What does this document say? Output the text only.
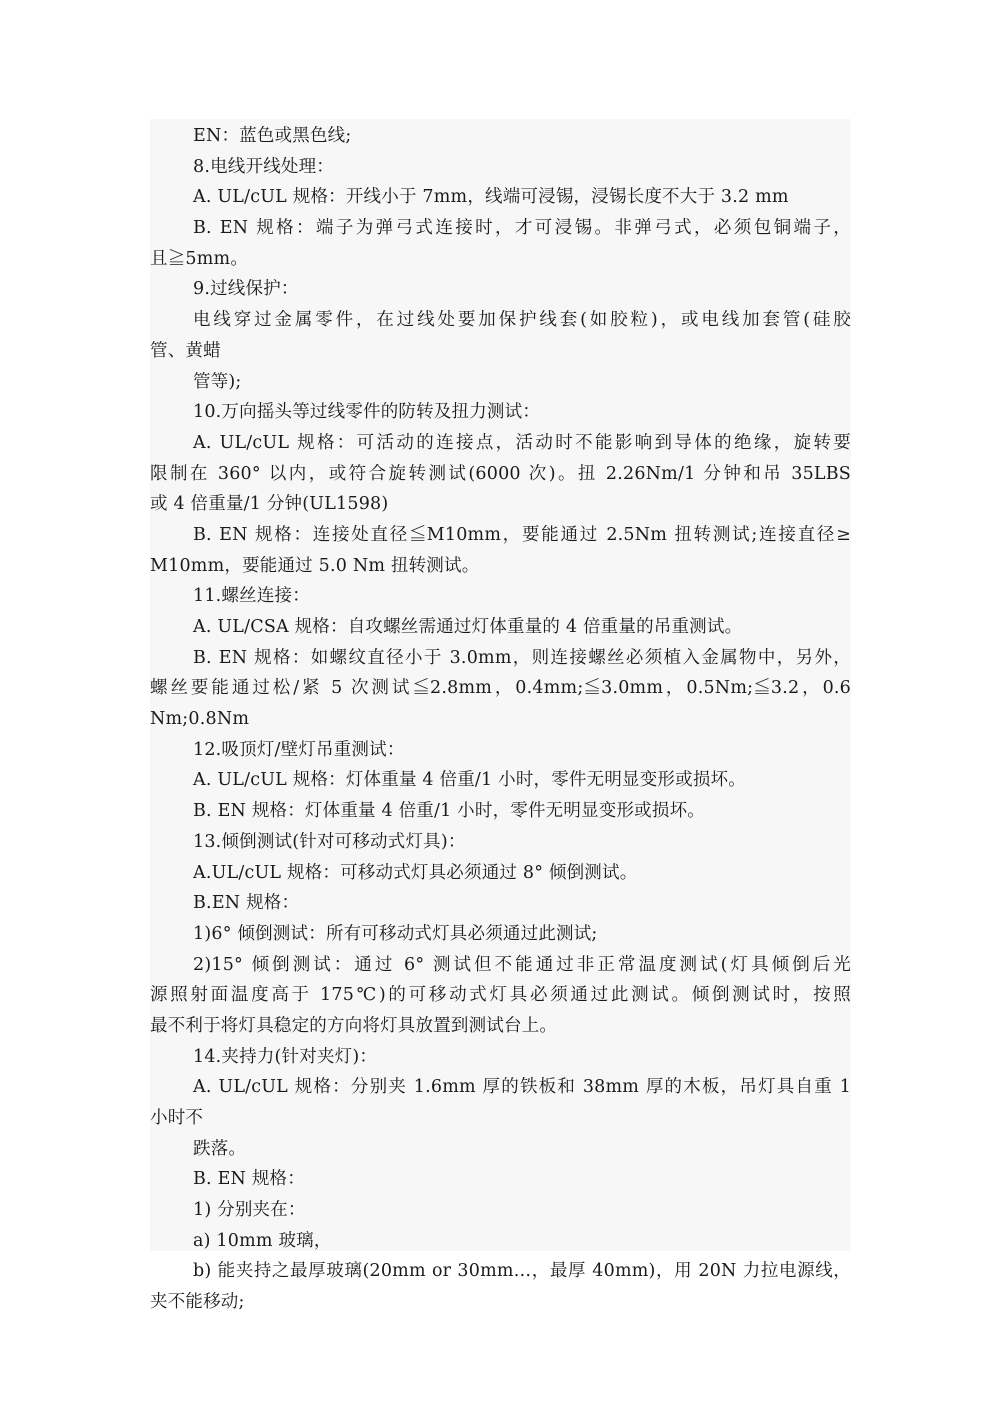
EN：蓝色或黑色线;
8.电线开线处理：
A. UL/cUL 规格：开线小于 7mm，线端可浸锡，浸锡长度不大于 3.2 mm
B. EN 规格：端子为弹弓式连接时，才可浸锡。非弹弓式，必须包铜端子，
且≧5mm。
9.过线保护：
电线穿过金属零件，在过线处要加保护线套(如胶粒)，或电线加套管(硅胶
管、黄蜡
管等);
10.万向摇头等过线零件的防转及扭力测试：
A. UL/cUL 规格：可活动的连接点，活动时不能影响到导体的绝缘，旋转要
限制在 360° 以内，或符合旋转测试(6000 次)。扭 2.26Nm/1 分钟和吊 35LBS
或 4 倍重量/1 分钟(UL1598)
B. EN 规格：连接处直径≦M10mm，要能通过 2.5Nm 扭转测试;连接直径≥
M10mm，要能通过 5.0 Nm 扭转测试。
11.螺丝连接：
A. UL/CSA 规格：自攻螺丝需通过灯体重量的 4 倍重量的吊重测试。
B. EN 规格：如螺纹直径小于 3.0mm，则连接螺丝必须植入金属物中，另外，
螺丝要能通过松/紧 5 次测试≦2.8mm，0.4mm;≦3.0mm，0.5Nm;≦3.2，0.6
Nm;0.8Nm
12.吸顶灯/壁灯吊重测试：
A. UL/cUL 规格：灯体重量 4 倍重/1 小时，零件无明显变形或损坏。
B. EN 规格：灯体重量 4 倍重/1 小时，零件无明显变形或损坏。
13.倾倒测试(针对可移动式灯具)：
A.UL/cUL 规格：可移动式灯具必须通过 8° 倾倒测试。
B.EN 规格：
1)6° 倾倒测试：所有可移动式灯具必须通过此测试;
2)15° 倾倒测试：通过 6° 测试但不能通过非正常温度测试(灯具倾倒后光
源照射面温度高于 175℃)的可移动式灯具必须通过此测试。倾倒测试时，按照
最不利于将灯具稳定的方向将灯具放置到测试台上。
14.夹持力(针对夹灯)：
A. UL/cUL 规格：分别夹 1.6mm 厚的铁板和 38mm 厚的木板，吊灯具自重 1
小时不
跌落。
B. EN 规格：
1) 分别夹在：
a) 10mm 玻璃，
b) 能夹持之最厚玻璃(20mm or 30mm…，最厚 40mm)，用 20N 力拉电源线，
夹不能移动;
